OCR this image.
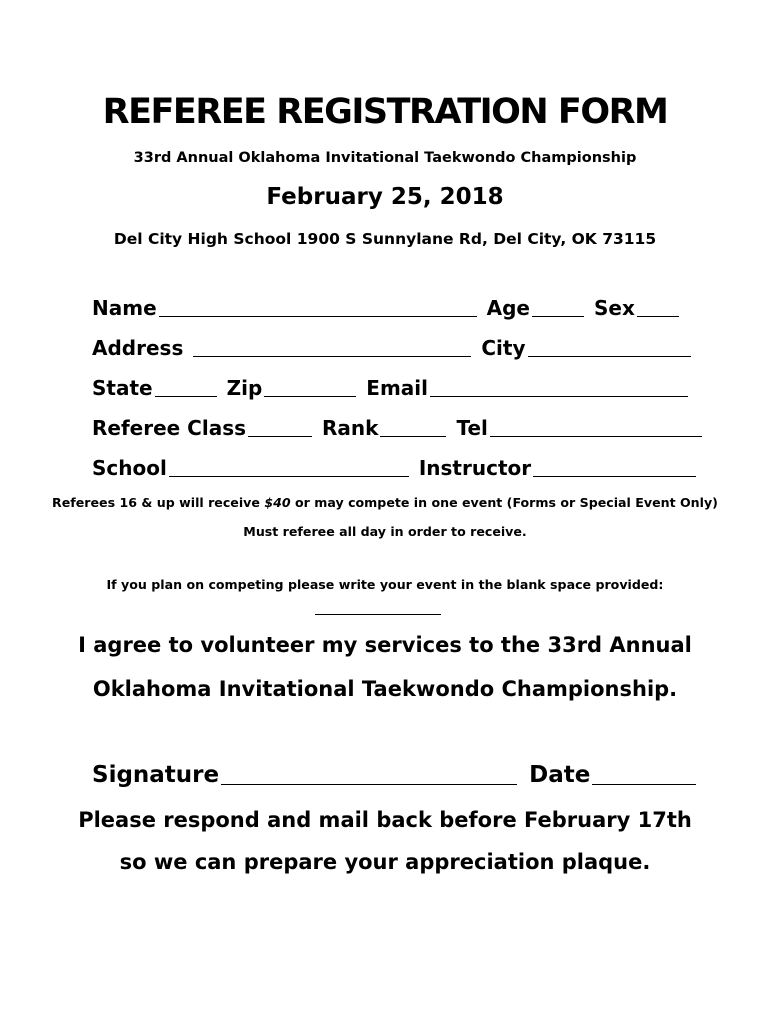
REFEREE REGISTRATION FORM
33rd Annual Oklahoma Invitational Taekwondo Championship
February 25, 2018
Del City High School 1900 S Sunnylane Rd, Del City, OK 73115
Name	Age	Sex
Address	City
State	Zip	Email
Referee Class	Rank	Tel
School	Instructor
Referees 16 & up will receive $40 or may compete in one event (Forms or Special Event Only)
Must referee all day in order to receive.
If you plan on competing please write your event in the blank space provided:
I agree to volunteer my services to the 33rd Annual
Oklahoma Invitational Taekwondo Championship.
Signature	Date
Please respond and mail back before February 17th
so we can prepare your appreciation plaque.
